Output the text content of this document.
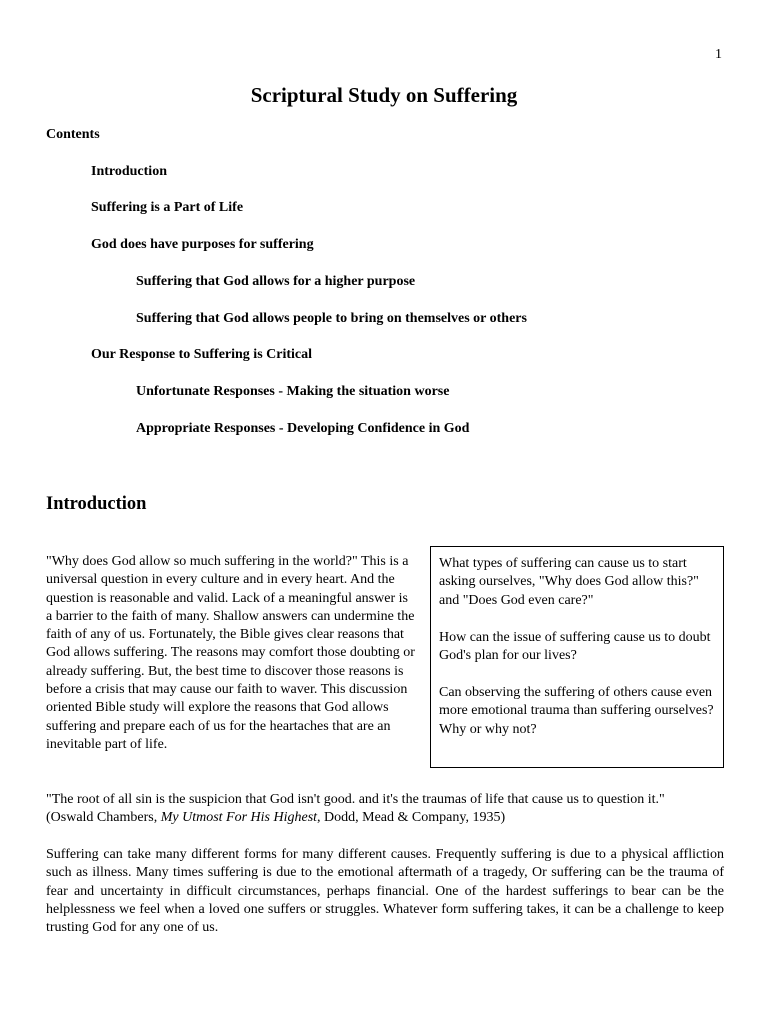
1
Scriptural Study on Suffering
Contents
Introduction
Suffering is a Part of Life
God does have purposes for suffering
Suffering that God allows for a higher purpose
Suffering that God allows people to bring on themselves or others
Our Response to Suffering is Critical
Unfortunate Responses - Making the situation worse
Appropriate Responses - Developing Confidence in God
Introduction
"Why does God allow so much suffering in the world?" This is a universal question in every culture and in every heart. And the question is reasonable and valid. Lack of a meaningful answer is a barrier to the faith of many. Shallow answers can undermine the faith of any of us. Fortunately, the Bible gives clear reasons that God allows suffering. The reasons may comfort those doubting or already suffering. But, the best time to discover those reasons is before a crisis that may cause our faith to waver. This discussion oriented Bible study will explore the reasons that God allows suffering and prepare each of us for the heartaches that are an inevitable part of life.

What types of suffering can cause us to start asking ourselves, "Why does God allow this?" and "Does God even care?"

How can the issue of suffering cause us to doubt God's plan for our lives?

Can observing the suffering of others cause even more emotional trauma than suffering ourselves? Why or why not?

"The root of all sin is the suspicion that God isn't good. and it's the traumas of life that cause us to question it."
(Oswald Chambers, My Utmost For His Highest, Dodd, Mead & Company, 1935)
Suffering can take many different forms for many different causes. Frequently suffering is due to a physical affliction such as illness. Many times suffering is due to the emotional aftermath of a tragedy, Or suffering can be the trauma of fear and uncertainty in difficult circumstances, perhaps financial. One of the hardest sufferings to bear can be the helplessness we feel when a loved one suffers or struggles. Whatever form suffering takes, it can be a challenge to keep trusting God for any one of us.
